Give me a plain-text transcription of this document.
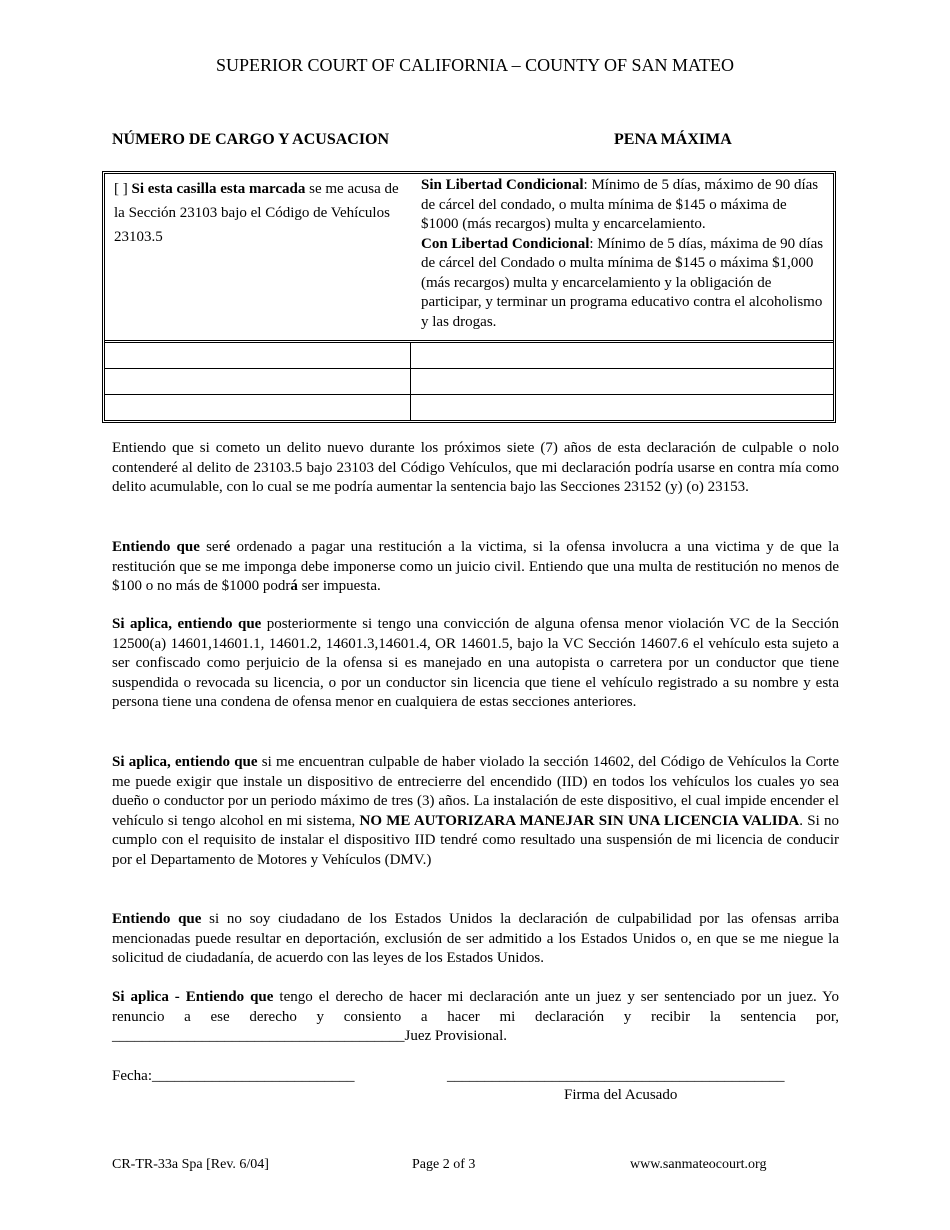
SUPERIOR COURT OF CALIFORNIA – COUNTY OF SAN MATEO
NÚMERO DE CARGO Y ACUSACION	PENA MÁXIMA
[ ] Si esta casilla esta marcada se me acusa de la Sección 23103 bajo el Código de Vehículos 23103.5	Sin Libertad Condicional: Mínimo de 5 días, máximo de 90 días de cárcel del condado, o multa mínima de $145 o máxima de $1000 (más recargos) multa y encarcelamiento.
Con Libertad Condicional: Mínimo de 5 días, máxima de 90 días de cárcel del Condado o multa mínima de $145 o máxima $1,000 (más recargos) multa y encarcelamiento y la obligación de participar, y terminar un programa educativo contra el alcoholismo y las drogas.

Entiendo que si cometo un delito nuevo durante los próximos siete (7) años de esta declaración de culpable o nolo contenderé al delito de 23103.5 bajo 23103 del Código Vehículos, que mi declaración podría usarse en contra mía como delito acumulable, con lo cual se me podría aumentar la sentencia bajo las Secciones 23152 (y) (o) 23153.

Entiendo que seré ordenado a pagar una restitución a la victima, si la ofensa involucra a una victima y de que la restitución que se me imponga debe imponerse como un juicio civil. Entiendo que una multa de restitución no menos de $100 o no más de $1000 podrá ser impuesta.

Si aplica, entiendo que posteriormente si tengo una convicción de alguna ofensa menor violación VC de la Sección 12500(a) 14601,14601.1, 14601.2, 14601.3,14601.4, OR 14601.5, bajo la VC Sección 14607.6 el vehículo esta sujeto a ser confiscado como perjuicio de la ofensa si es manejado en una autopista o carretera por un conductor que tiene suspendida o revocada su licencia, o por un conductor sin licencia que tiene el vehículo registrado a su nombre y esta persona tiene una condena de ofensa menor en cualquiera de estas secciones anteriores.

Si aplica, entiendo que si me encuentran culpable de haber violado la sección 14602, del Código de Vehículos la Corte me puede exigir que instale un dispositivo de entrecierre del encendido (IID) en todos los vehículos los cuales yo sea dueño o conductor por un periodo máximo de tres (3) años. La instalación de este dispositivo, el cual impide encender el vehículo si tengo alcohol en mi sistema, NO ME AUTORIZARA MANEJAR SIN UNA LICENCIA VALIDA. Si no cumplo con el requisito de instalar el dispositivo IID tendré como resultado una suspensión de mi licencia de conducir por el Departamento de Motores y Vehículos (DMV.)

Entiendo que si no soy ciudadano de los Estados Unidos la declaración de culpabilidad por las ofensas arriba mencionadas puede resultar en deportación, exclusión de ser admitido a los Estados Unidos o, en que se me niegue la solicitud de ciudadanía, de acuerdo con las leyes de los Estados Unidos.

Si aplica - Entiendo que tengo el derecho de hacer mi declaración ante un juez y ser sentenciado por un juez. Yo renuncio a ese derecho y consiento a hacer mi declaración y recibir la sentencia por, _______________________________________Juez Provisional.

Fecha:___________________________	_____________________________________________
Firma del Acusado
CR-TR-33a Spa [Rev. 6/04]	Page 2 of 3	www.sanmateocourt.org
